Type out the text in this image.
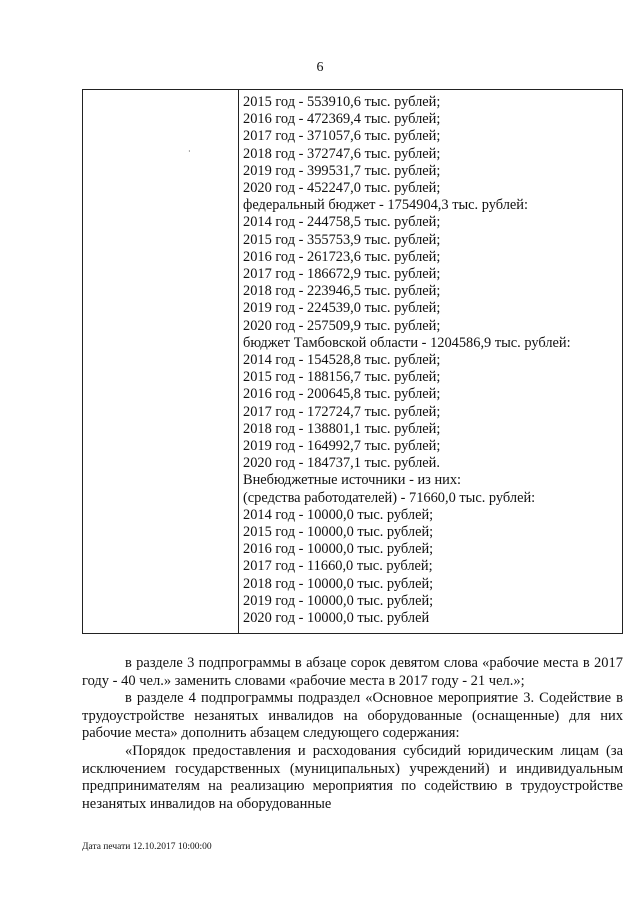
6

2015 год - 553910,6 тыс. рублей;
2016 год - 472369,4 тыс. рублей;
2017 год - 371057,6 тыс. рублей;
2018 год - 372747,6 тыс. рублей;
2019 год - 399531,7 тыс. рублей;
2020 год - 452247,0 тыс. рублей;
федеральный бюджет - 1754904,3 тыс. рублей:
2014 год - 244758,5 тыс. рублей;
2015 год - 355753,9 тыс. рублей;
2016 год - 261723,6 тыс. рублей;
2017 год - 186672,9 тыс. рублей;
2018 год - 223946,5 тыс. рублей;
2019 год - 224539,0 тыс. рублей;
2020 год - 257509,9 тыс. рублей;
бюджет Тамбовской области - 1204586,9 тыс. рублей:
2014 год - 154528,8 тыс. рублей;
2015 год - 188156,7 тыс. рублей;
2016 год - 200645,8 тыс. рублей;
2017 год - 172724,7 тыс. рублей;
2018 год - 138801,1 тыс. рублей;
2019 год - 164992,7 тыс. рублей;
2020 год - 184737,1 тыс. рублей.
Внебюджетные источники - из них:
(средства работодателей) - 71660,0 тыс. рублей:
2014 год - 10000,0 тыс. рублей;
2015 год - 10000,0 тыс. рублей;
2016 год - 10000,0 тыс. рублей;
2017 год - 11660,0 тыс. рублей;
2018 год - 10000,0 тыс. рублей;
2019 год - 10000,0 тыс. рублей;
2020 год - 10000,0 тыс. рублей
·

в разделе 3 подпрограммы в абзаце сорок девятом слова «рабочие места в 2017 году - 40 чел.» заменить словами «рабочие места в 2017 году - 21 чел.»;

в разделе 4 подпрограммы подраздел «Основное мероприятие 3. Содействие в трудоустройстве незанятых инвалидов на оборудованные (оснащенные) для них рабочие места» дополнить абзацем следующего содержания:

«Порядок предоставления и расходования субсидий юридическим лицам (за исключением государственных (муниципальных) учреждений) и индивидуальным предпринимателям на реализацию мероприятия по содействию в трудоустройстве незанятых инвалидов на оборудованные

Дата печати 12.10.2017 10:00:00
